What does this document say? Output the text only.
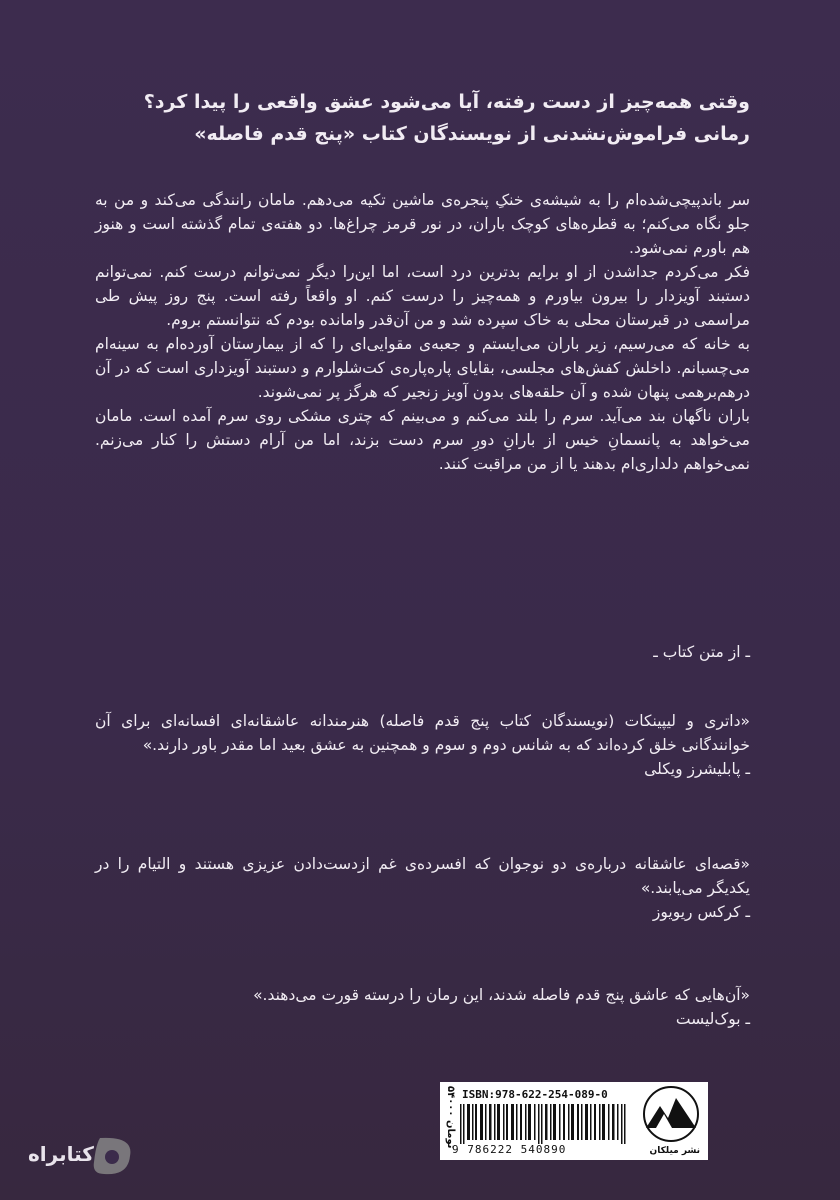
وقتی همه‌چیز از دست رفته، آیا می‌شود عشق واقعی را پیدا کرد؟
رمانی فراموش‌نشدنی از نویسندگان کتاب «پنج قدم فاصله»

سر باندپیچی‌شده‌ام را به شیشه‌ی خنکِ پنجره‌ی ماشین تکیه می‌دهم. مامان رانندگی می‌کند و من به جلو نگاه می‌کنم؛ به قطره‌های کوچک باران، در نور قرمز چراغ‌ها. دو هفته‌ی تمام گذشته است و هنوز هم باورم نمی‌شود.

فکر می‌کردم جداشدن از او برایم بدترین درد است، اما این‌را دیگر نمی‌توانم درست کنم. نمی‌توانم دستبند آویزدار را بیرون بیاورم و همه‌چیز را درست کنم. او واقعاً رفته است. پنج روز پیش طی مراسمی در قبرستان محلی به خاک سپرده شد و من آن‌قدر وامانده بودم که نتوانستم بروم.

به خانه که می‌رسیم، زیر باران می‌ایستم و جعبه‌ی مقوایی‌ای را که از بیمارستان آورده‌ام به سینه‌ام می‌چسبانم. داخلش کفش‌های مجلسی، بقایای پاره‌پاره‌ی کت‌شلوارم و دستبند آویزداری است که در آن درهم‌برهمی پنهان شده و آن حلقه‌های بدون آویز زنجیر که هرگز پر نمی‌شوند.

باران ناگهان بند می‌آید. سرم را بلند می‌کنم و می‌بینم که چتری مشکی روی سرم آمده است. مامان می‌خواهد به پانسمانِ خیس از بارانِ دورِ سرم دست بزند، اما من آرام دستش را کنار می‌زنم. نمی‌خواهم دلداری‌ام بدهند یا از من مراقبت کنند.

ـ از متن کتاب ـ

«داتری و لیپینکات (نویسندگان کتاب پنج قدم فاصله) هنرمندانه عاشقانه‌ای افسانه‌ای برای آن خوانندگانی خلق کرده‌اند که به شانس دوم و سوم و همچنین به عشق بعید اما مقدر باور دارند.»

ـ پابلیشرز ویکلی

«قصه‌ای عاشقانه درباره‌ی دو نوجوان که افسرده‌ی غم ازدست‌دادن عزیزی هستند و التیام را در یکدیگر می‌یابند.»

ـ کرکس ریویوز

«آن‌هایی که عاشق پنج قدم فاصله شدند، این رمان را درسته قورت می‌دهند.»

ـ بوک‌لیست

۵۴۰۰۰ تومان
ISBN:978-622-254-089-0
9 786222 540890	نشر میلکان
کتابراه
